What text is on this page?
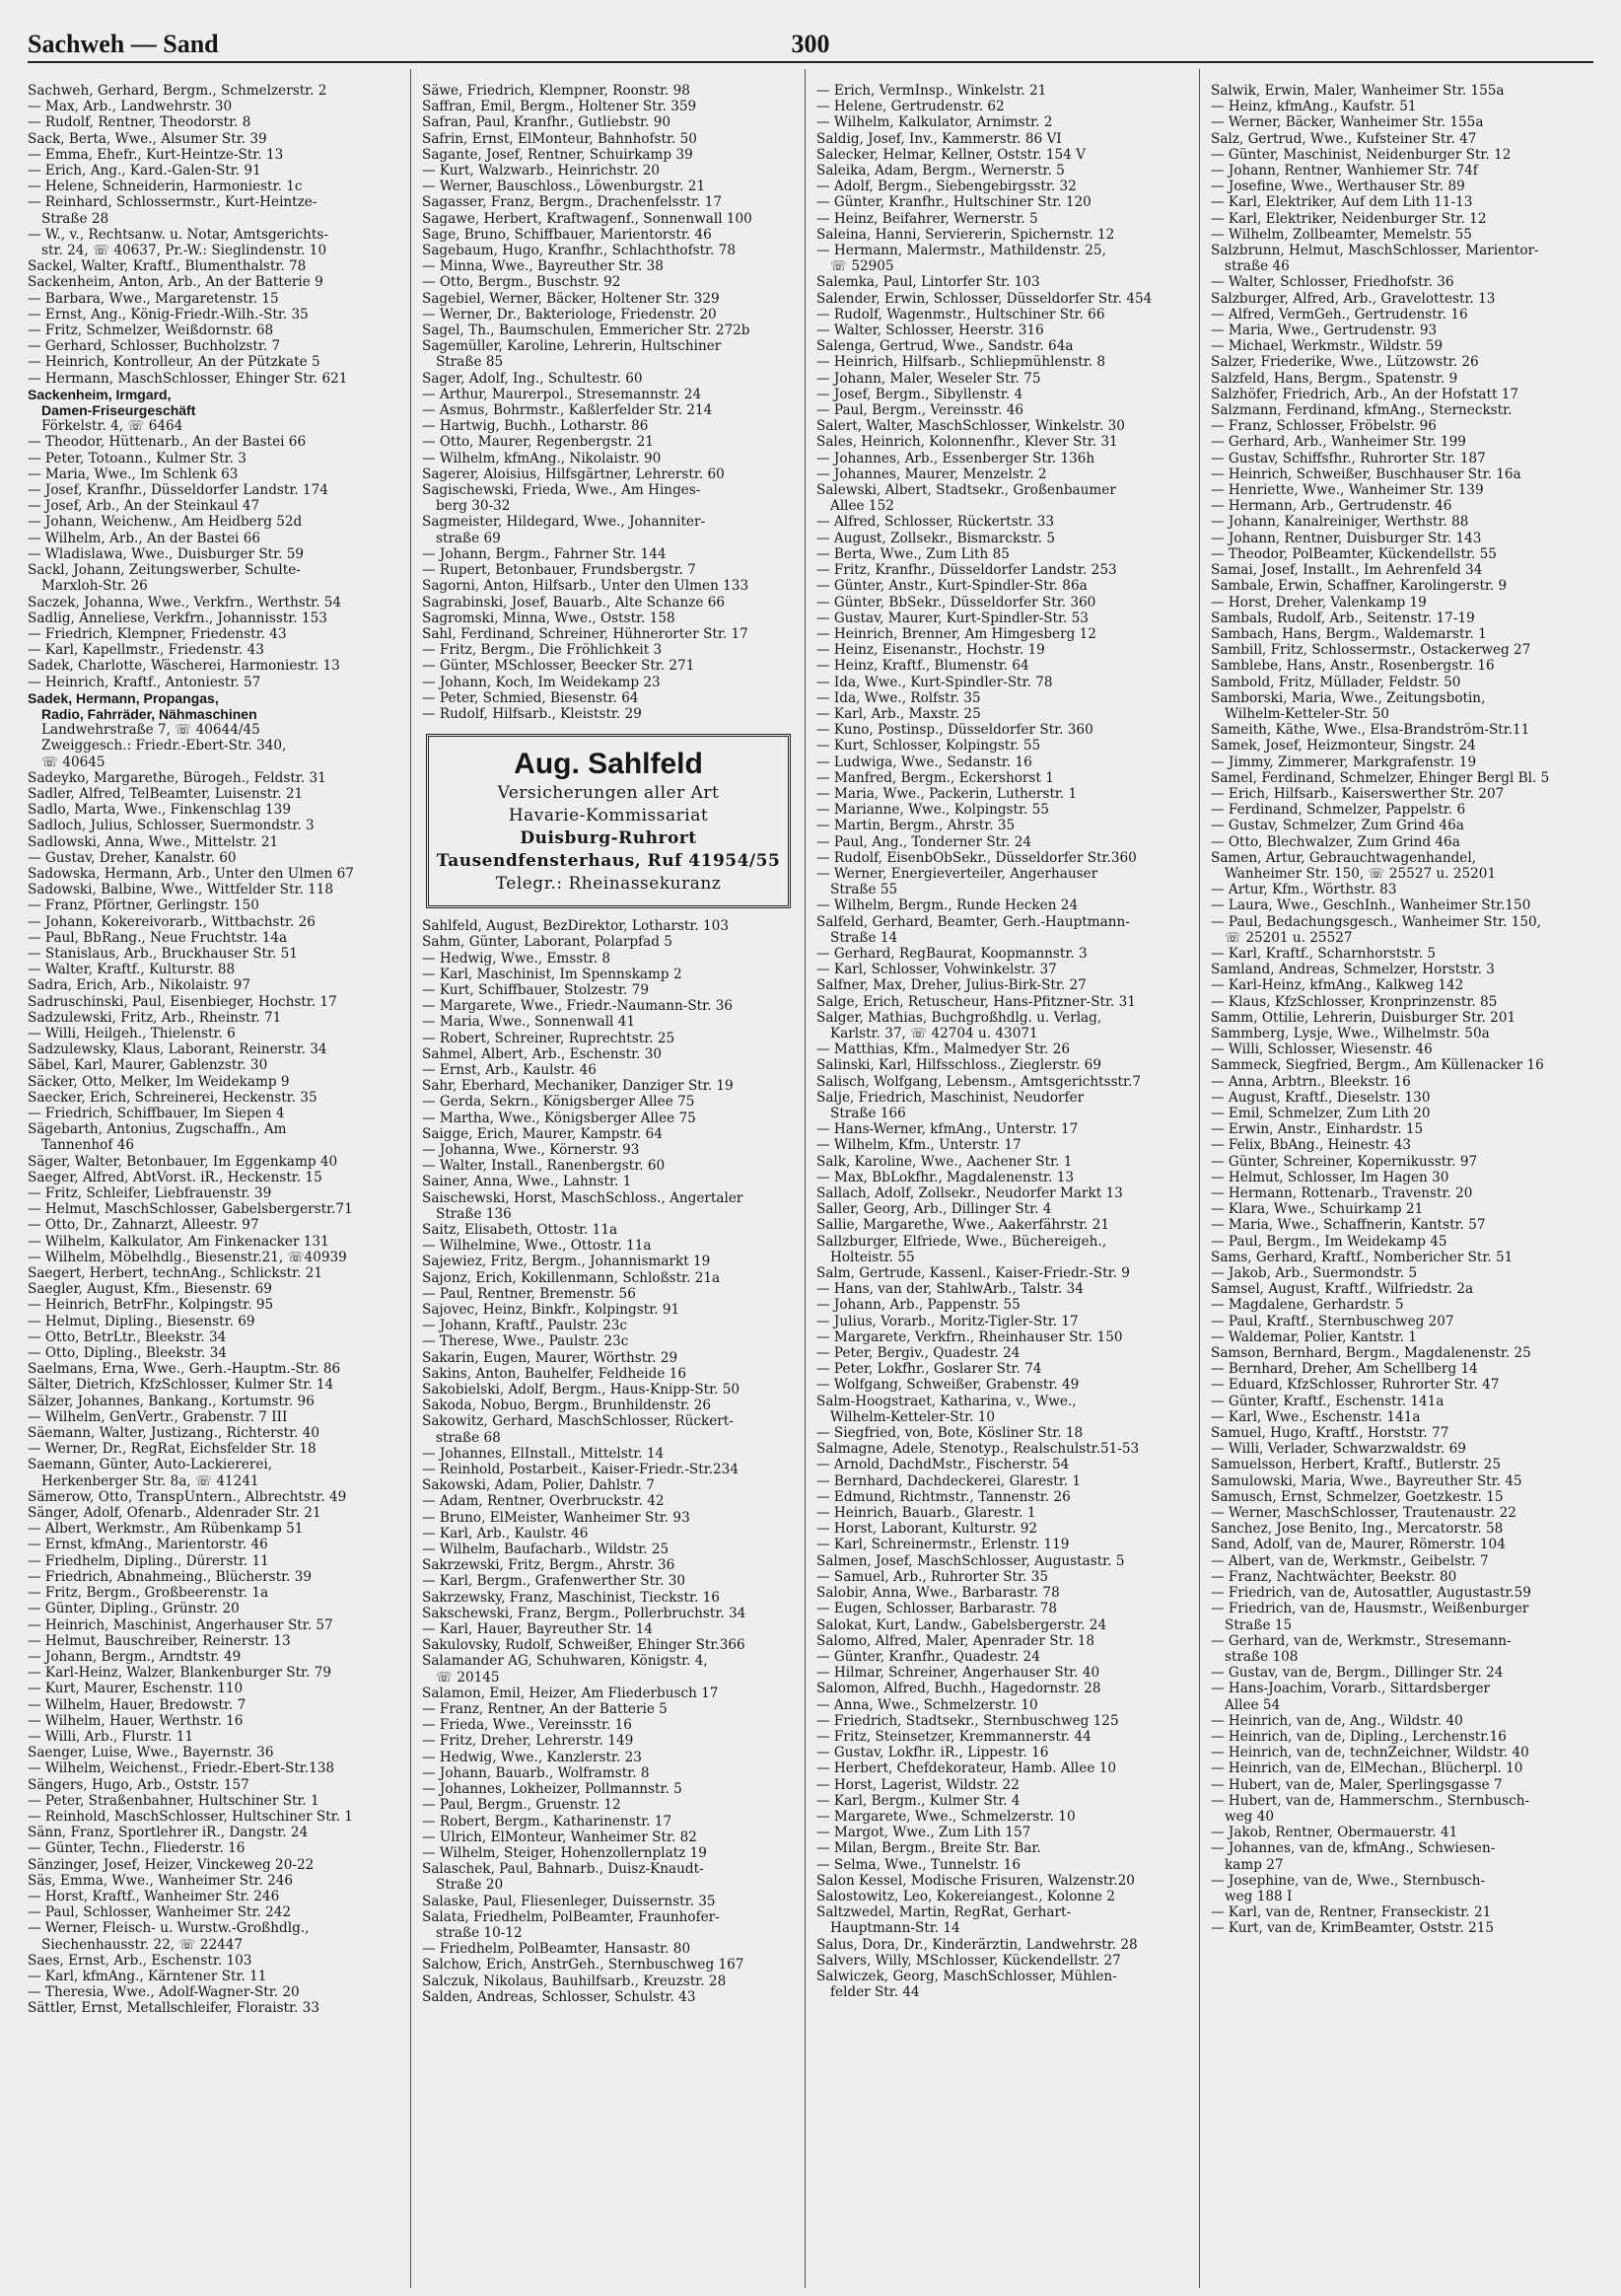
Sachweh — Sand	300
Sachweh, Gerhard, Bergm., Schmelzerstr. 2
— Max, Arb., Landwehrstr. 30
— Rudolf, Rentner, Theodorstr. 8
Sack, Berta, Wwe., Alsumer Str. 39
— Emma, Ehefr., Kurt-Heintze-Str. 13
— Erich, Ang., Kard.-Galen-Str. 91
— Helene, Schneiderin, Harmoniestr. 1c
— Reinhard, Schlossermstr., Kurt-Heintze-
Straße 28
— W., v., Rechtsanw. u. Notar, Amtsgerichts-
str. 24, ☏ 40637, Pr.-W.: Sieglindenstr. 10
Sackel, Walter, Kraftf., Blumenthalstr. 78
Sackenheim, Anton, Arb., An der Batterie 9
— Barbara, Wwe., Margaretenstr. 15
— Ernst, Ang., König-Friedr.-Wilh.-Str. 35
— Fritz, Schmelzer, Weißdornstr. 68
— Gerhard, Schlosser, Buchholzstr. 7
— Heinrich, Kontrolleur, An der Pützkate 5
— Hermann, MaschSchlosser, Ehinger Str. 621
Sackenheim, Irmgard,
Damen-Friseurgeschäft
Förkelstr. 4, ☏ 6464
— Theodor, Hüttenarb., An der Bastei 66
— Peter, Totoann., Kulmer Str. 3
— Maria, Wwe., Im Schlenk 63
— Josef, Kranfhr., Düsseldorfer Landstr. 174
— Josef, Arb., An der Steinkaul 47
— Johann, Weichenw., Am Heidberg 52d
— Wilhelm, Arb., An der Bastei 66
— Wladislawa, Wwe., Duisburger Str. 59
Sackl, Johann, Zeitungswerber, Schulte-
Marxloh-Str. 26
Saczek, Johanna, Wwe., Verkfrn., Werthstr. 54
Sadlig, Anneliese, Verkfrn., Johannisstr. 153
— Friedrich, Klempner, Friedenstr. 43
— Karl, Kapellmstr., Friedenstr. 43
Sadek, Charlotte, Wäscherei, Harmoniestr. 13
— Heinrich, Kraftf., Antoniestr. 57
Sadek, Hermann, Propangas,
Radio, Fahrräder, Nähmaschinen
Landwehrstraße 7, ☏ 40644/45
Zweiggesch.: Friedr.-Ebert-Str. 340,
☏ 40645
Sadeyko, Margarethe, Bürogeh., Feldstr. 31
Sadler, Alfred, TelBeamter, Luisenstr. 21
Sadlo, Marta, Wwe., Finkenschlag 139
Sadloch, Julius, Schlosser, Suermondstr. 3
Sadlowski, Anna, Wwe., Mittelstr. 21
— Gustav, Dreher, Kanalstr. 60
Sadowska, Hermann, Arb., Unter den Ulmen 67
Sadowski, Balbine, Wwe., Wittfelder Str. 118
— Franz, Pförtner, Gerlingstr. 150
— Johann, Kokereivorarb., Wittbachstr. 26
— Paul, BbRang., Neue Fruchtstr. 14a
— Stanislaus, Arb., Bruckhauser Str. 51
— Walter, Kraftf., Kulturstr. 88
Sadra, Erich, Arb., Nikolaistr. 97
Sadruschinski, Paul, Eisenbieger, Hochstr. 17
Sadzulewski, Fritz, Arb., Rheinstr. 71
— Willi, Heilgeh., Thielenstr. 6
Sadzulewsky, Klaus, Laborant, Reinerstr. 34
Säbel, Karl, Maurer, Gablenzstr. 30
Säcker, Otto, Melker, Im Weidekamp 9
Saecker, Erich, Schreinerei, Heckenstr. 35
— Friedrich, Schiffbauer, Im Siepen 4
Sägebarth, Antonius, Zugschaffn., Am
Tannenhof 46
Säger, Walter, Betonbauer, Im Eggenkamp 40
Saeger, Alfred, AbtVorst. iR., Heckenstr. 15
— Fritz, Schleifer, Liebfrauenstr. 39
— Helmut, MaschSchlosser, Gabelsbergerstr.71
— Otto, Dr., Zahnarzt, Alleestr. 97
— Wilhelm, Kalkulator, Am Finkenacker 131
— Wilhelm, Möbelhdlg., Biesenstr.21, ☏40939
Saegert, Herbert, technAng., Schlickstr. 21
Saegler, August, Kfm., Biesenstr. 69
— Heinrich, BetrFhr., Kolpingstr. 95
— Helmut, Dipling., Biesenstr. 69
— Otto, BetrLtr., Bleekstr. 34
— Otto, Dipling., Bleekstr. 34
Saelmans, Erna, Wwe., Gerh.-Hauptm.-Str. 86
Sälter, Dietrich, KfzSchlosser, Kulmer Str. 14
Sälzer, Johannes, Bankang., Kortumstr. 96
— Wilhelm, GenVertr., Grabenstr. 7 III
Säemann, Walter, Justizang., Richterstr. 40
— Werner, Dr., RegRat, Eichsfelder Str. 18
Saemann, Günter, Auto-Lackiererei,
Herkenberger Str. 8a, ☏ 41241
Sämerow, Otto, TranspUntern., Albrechtstr. 49
Sänger, Adolf, Ofenarb., Aldenrader Str. 21
— Albert, Werkmstr., Am Rübenkamp 51
— Ernst, kfmAng., Marientorstr. 46
— Friedhelm, Dipling., Dürerstr. 11
— Friedrich, Abnahmeing., Blücherstr. 39
— Fritz, Bergm., Großbeerenstr. 1a
— Günter, Dipling., Grünstr. 20
— Heinrich, Maschinist, Angerhauser Str. 57
— Helmut, Bauschreiber, Reinerstr. 13
— Johann, Bergm., Arndtstr. 49
— Karl-Heinz, Walzer, Blankenburger Str. 79
— Kurt, Maurer, Eschenstr. 110
— Wilhelm, Hauer, Bredowstr. 7
— Wilhelm, Hauer, Werthstr. 16
— Willi, Arb., Flurstr. 11
Saenger, Luise, Wwe., Bayernstr. 36
— Wilhelm, Weichenst., Friedr.-Ebert-Str.138
Sängers, Hugo, Arb., Oststr. 157
— Peter, Straßenbahner, Hultschiner Str. 1
— Reinhold, MaschSchlosser, Hultschiner Str. 1
Sänn, Franz, Sportlehrer iR., Dangstr. 24
— Günter, Techn., Fliederstr. 16
Sänzinger, Josef, Heizer, Vinckeweg 20-22
Säs, Emma, Wwe., Wanheimer Str. 246
— Horst, Kraftf., Wanheimer Str. 246
— Paul, Schlosser, Wanheimer Str. 242
— Werner, Fleisch- u. Wurstw.-Großhdlg.,
Siechenhausstr. 22, ☏ 22447
Saes, Ernst, Arb., Eschenstr. 103
— Karl, kfmAng., Kärntener Str. 11
— Theresia, Wwe., Adolf-Wagner-Str. 20
Sättler, Ernst, Metallschleifer, Floraistr. 33
Säwe, Friedrich, Klempner, Roonstr. 98
Saffran, Emil, Bergm., Holtener Str. 359
Safran, Paul, Kranfhr., Gutliebstr. 90
Safrin, Ernst, ElMonteur, Bahnhofstr. 50
Sagante, Josef, Rentner, Schuirkamp 39
— Kurt, Walzwarb., Heinrichstr. 20
— Werner, Bauschloss., Löwenburgstr. 21
Sagasser, Franz, Bergm., Drachenfelsstr. 17
Sagawe, Herbert, Kraftwagenf., Sonnenwall 100
Sage, Bruno, Schiffbauer, Marientorstr. 46
Sagebaum, Hugo, Kranfhr., Schlachthofstr. 78
— Minna, Wwe., Bayreuther Str. 38
— Otto, Bergm., Buschstr. 92
Sagebiel, Werner, Bäcker, Holtener Str. 329
— Werner, Dr., Bakteriologe, Friedenstr. 20
Sagel, Th., Baumschulen, Emmericher Str. 272b
Sagemüller, Karoline, Lehrerin, Hultschiner
Straße 85
Sager, Adolf, Ing., Schultestr. 60
— Arthur, Maurerpol., Stresemannstr. 24
— Asmus, Bohrmstr., Kaßlerfelder Str. 214
— Hartwig, Buchh., Lotharstr. 86
— Otto, Maurer, Regenbergstr. 21
— Wilhelm, kfmAng., Nikolaistr. 90
Sagerer, Aloisius, Hilfsgärtner, Lehrerstr. 60
Sagischewski, Frieda, Wwe., Am Hinges-
berg 30-32
Sagmeister, Hildegard, Wwe., Johanniter-
straße 69
— Johann, Bergm., Fahrner Str. 144
— Rupert, Betonbauer, Frundsbergstr. 7
Sagorni, Anton, Hilfsarb., Unter den Ulmen 133
Sagrabinski, Josef, Bauarb., Alte Schanze 66
Sagromski, Minna, Wwe., Oststr. 158
Sahl, Ferdinand, Schreiner, Hühnerorter Str. 17
— Fritz, Bergm., Die Fröhlichkeit 3
— Günter, MSchlosser, Beecker Str. 271
— Johann, Koch, Im Weidekamp 23
— Peter, Schmied, Biesenstr. 64
— Rudolf, Hilfsarb., Kleiststr. 29
Aug. Sahlfeld
Versicherungen aller Art
Havarie-Kommissariat
Duisburg-Ruhrort
Tausendfensterhaus, Ruf 41954/55
Telegr.: Rheinassekuranz
Sahlfeld, August, BezDirektor, Lotharstr. 103
Sahm, Günter, Laborant, Polarpfad 5
— Hedwig, Wwe., Emsstr. 8
— Karl, Maschinist, Im Spennskamp 2
— Kurt, Schiffbauer, Stolzestr. 79
— Margarete, Wwe., Friedr.-Naumann-Str. 36
— Maria, Wwe., Sonnenwall 41
— Robert, Schreiner, Ruprechtstr. 25
Sahmel, Albert, Arb., Eschenstr. 30
— Ernst, Arb., Kaulstr. 46
Sahr, Eberhard, Mechaniker, Danziger Str. 19
— Gerda, Sekrn., Königsberger Allee 75
— Martha, Wwe., Königsberger Allee 75
Saigge, Erich, Maurer, Kampstr. 64
— Johanna, Wwe., Körnerstr. 93
— Walter, Install., Ranenbergstr. 60
Sainer, Anna, Wwe., Lahnstr. 1
Saischewski, Horst, MaschSchloss., Angertaler
Straße 136
Saitz, Elisabeth, Ottostr. 11a
— Wilhelmine, Wwe., Ottostr. 11a
Sajewiez, Fritz, Bergm., Johannismarkt 19
Sajonz, Erich, Kokillenmann, Schloßstr. 21a
— Paul, Rentner, Bremenstr. 56
Sajovec, Heinz, Binkfr., Kolpingstr. 91
— Johann, Kraftf., Paulstr. 23c
— Therese, Wwe., Paulstr. 23c
Sakarin, Eugen, Maurer, Wörthstr. 29
Sakins, Anton, Bauhelfer, Feldheide 16
Sakobielski, Adolf, Bergm., Haus-Knipp-Str. 50
Sakoda, Nobuo, Bergm., Brunhildenstr. 26
Sakowitz, Gerhard, MaschSchlosser, Rückert-
straße 68
— Johannes, ElInstall., Mittelstr. 14
— Reinhold, Postarbeit., Kaiser-Friedr.-Str.234
Sakowski, Adam, Polier, Dahlstr. 7
— Adam, Rentner, Overbruckstr. 42
— Bruno, ElMeister, Wanheimer Str. 93
— Karl, Arb., Kaulstr. 46
— Wilhelm, Baufacharb., Wildstr. 25
Sakrzewski, Fritz, Bergm., Ahrstr. 36
— Karl, Bergm., Grafenwerther Str. 30
Sakrzewsky, Franz, Maschinist, Tieckstr. 16
Sakschewski, Franz, Bergm., Pollerbruchstr. 34
— Karl, Hauer, Bayreuther Str. 14
Sakulovsky, Rudolf, Schweißer, Ehinger Str.366
Salamander AG, Schuhwaren, Königstr. 4,
☏ 20145
Salamon, Emil, Heizer, Am Fliederbusch 17
— Franz, Rentner, An der Batterie 5
— Frieda, Wwe., Vereinsstr. 16
— Fritz, Dreher, Lehrerstr. 149
— Hedwig, Wwe., Kanzlerstr. 23
— Johann, Bauarb., Wolframstr. 8
— Johannes, Lokheizer, Pollmannstr. 5
— Paul, Bergm., Gruenstr. 12
— Robert, Bergm., Katharinenstr. 17
— Ulrich, ElMonteur, Wanheimer Str. 82
— Wilhelm, Steiger, Hohenzollernplatz 19
Salaschek, Paul, Bahnarb., Duisz-Knaudt-
Straße 20
Salaske, Paul, Fliesenleger, Duissernstr. 35
Salata, Friedhelm, PolBeamter, Fraunhofer-
straße 10-12
— Friedhelm, PolBeamter, Hansastr. 80
Salchow, Erich, AnstrGeh., Sternbuschweg 167
Salczuk, Nikolaus, Bauhilfsarb., Kreuzstr. 28
Salden, Andreas, Schlosser, Schulstr. 43
— Erich, VermInsp., Winkelstr. 21
— Helene, Gertrudenstr. 62
— Wilhelm, Kalkulator, Arnimstr. 2
Saldig, Josef, Inv., Kammerstr. 86 VI
Salecker, Helmar, Kellner, Oststr. 154 V
Saleika, Adam, Bergm., Wernerstr. 5
— Adolf, Bergm., Siebengebirgsstr. 32
— Günter, Kranfhr., Hultschiner Str. 120
— Heinz, Beifahrer, Wernerstr. 5
Saleina, Hanni, Serviererin, Spichernstr. 12
— Hermann, Malermstr., Mathildenstr. 25,
☏ 52905
Salemka, Paul, Lintorfer Str. 103
Salender, Erwin, Schlosser, Düsseldorfer Str. 454
— Rudolf, Wagenmstr., Hultschiner Str. 66
— Walter, Schlosser, Heerstr. 316
Salenga, Gertrud, Wwe., Sandstr. 64a
— Heinrich, Hilfsarb., Schliepmühlenstr. 8
— Johann, Maler, Weseler Str. 75
— Josef, Bergm., Sibyllenstr. 4
— Paul, Bergm., Vereinsstr. 46
Salert, Walter, MaschSchlosser, Winkelstr. 30
Sales, Heinrich, Kolonnenfhr., Klever Str. 31
— Johannes, Arb., Essenberger Str. 136h
— Johannes, Maurer, Menzelstr. 2
Salewski, Albert, Stadtsekr., Großenbaumer
Allee 152
— Alfred, Schlosser, Rückertstr. 33
— August, Zollsekr., Bismarckstr. 5
— Berta, Wwe., Zum Lith 85
— Fritz, Kranfhr., Düsseldorfer Landstr. 253
— Günter, Anstr., Kurt-Spindler-Str. 86a
— Günter, BbSekr., Düsseldorfer Str. 360
— Gustav, Maurer, Kurt-Spindler-Str. 53
— Heinrich, Brenner, Am Himgesberg 12
— Heinz, Eisenanstr., Hochstr. 19
— Heinz, Kraftf., Blumenstr. 64
— Ida, Wwe., Kurt-Spindler-Str. 78
— Ida, Wwe., Rolfstr. 35
— Karl, Arb., Maxstr. 25
— Kuno, Postinsp., Düsseldorfer Str. 360
— Kurt, Schlosser, Kolpingstr. 55
— Ludwiga, Wwe., Sedanstr. 16
— Manfred, Bergm., Eckershorst 1
— Maria, Wwe., Packerin, Lutherstr. 1
— Marianne, Wwe., Kolpingstr. 55
— Martin, Bergm., Ahrstr. 35
— Paul, Ang., Tonderner Str. 24
— Rudolf, EisenbObSekr., Düsseldorfer Str.360
— Werner, Energieverteiler, Angerhauser
Straße 55
— Wilhelm, Bergm., Runde Hecken 24
Salfeld, Gerhard, Beamter, Gerh.-Hauptmann-
Straße 14
— Gerhard, RegBaurat, Koopmannstr. 3
— Karl, Schlosser, Vohwinkelstr. 37
Salfner, Max, Dreher, Julius-Birk-Str. 27
Salge, Erich, Retuscheur, Hans-Pfitzner-Str. 31
Salger, Mathias, Buchgroßhdlg. u. Verlag,
Karlstr. 37, ☏ 42704 u. 43071
— Matthias, Kfm., Malmedyer Str. 26
Salinski, Karl, Hilfsschloss., Zieglerstr. 69
Salisch, Wolfgang, Lebensm., Amtsgerichtsstr.7
Salje, Friedrich, Maschinist, Neudorfer
Straße 166
— Hans-Werner, kfmAng., Unterstr. 17
— Wilhelm, Kfm., Unterstr. 17
Salk, Karoline, Wwe., Aachener Str. 1
— Max, BbLokfhr., Magdalenenstr. 13
Sallach, Adolf, Zollsekr., Neudorfer Markt 13
Saller, Georg, Arb., Dillinger Str. 4
Sallie, Margarethe, Wwe., Aakerfährstr. 21
Sallzburger, Elfriede, Wwe., Büchereigeh.,
Holteistr. 55
Salm, Gertrude, Kassenl., Kaiser-Friedr.-Str. 9
— Hans, van der, StahlwArb., Talstr. 34
— Johann, Arb., Pappenstr. 55
— Julius, Vorarb., Moritz-Tigler-Str. 17
— Margarete, Verkfrn., Rheinhauser Str. 150
— Peter, Bergiv., Quadestr. 24
— Peter, Lokfhr., Goslarer Str. 74
— Wolfgang, Schweißer, Grabenstr. 49
Salm-Hoogstraet, Katharina, v., Wwe.,
Wilhelm-Ketteler-Str. 10
— Siegfried, von, Bote, Kösliner Str. 18
Salmagne, Adele, Stenotyp., Realschulstr.51-53
— Arnold, DachdMstr., Fischerstr. 54
— Bernhard, Dachdeckerei, Glarestr. 1
— Edmund, Richtmstr., Tannenstr. 26
— Heinrich, Bauarb., Glarestr. 1
— Horst, Laborant, Kulturstr. 92
— Karl, Schreinermstr., Erlenstr. 119
Salmen, Josef, MaschSchlosser, Augustastr. 5
— Samuel, Arb., Ruhrorter Str. 35
Salobir, Anna, Wwe., Barbarastr. 78
— Eugen, Schlosser, Barbarastr. 78
Salokat, Kurt, Landw., Gabelsbergerstr. 24
Salomo, Alfred, Maler, Apenrader Str. 18
— Günter, Kranfhr., Quadestr. 24
— Hilmar, Schreiner, Angerhauser Str. 40
Salomon, Alfred, Buchh., Hagedornstr. 28
— Anna, Wwe., Schmelzerstr. 10
— Friedrich, Stadtsekr., Sternbuschweg 125
— Fritz, Steinsetzer, Kremmannerstr. 44
— Gustav, Lokfhr. iR., Lippestr. 16
— Herbert, Chefdekorateur, Hamb. Allee 10
— Horst, Lagerist, Wildstr. 22
— Karl, Bergm., Kulmer Str. 4
— Margarete, Wwe., Schmelzerstr. 10
— Margot, Wwe., Zum Lith 157
— Milan, Bergm., Breite Str. Bar.
— Selma, Wwe., Tunnelstr. 16
Salon Kessel, Modische Frisuren, Walzenstr.20
Salostowitz, Leo, Kokereiangest., Kolonne 2
Saltzwedel, Martin, RegRat, Gerhart-
Hauptmann-Str. 14
Salus, Dora, Dr., Kinderärztin, Landwehrstr. 28
Salvers, Willy, MSchlosser, Kückendellstr. 27
Salwiczek, Georg, MaschSchlosser, Mühlen-
felder Str. 44
Salwik, Erwin, Maler, Wanheimer Str. 155a
— Heinz, kfmAng., Kaufstr. 51
— Werner, Bäcker, Wanheimer Str. 155a
Salz, Gertrud, Wwe., Kufsteiner Str. 47
— Günter, Maschinist, Neidenburger Str. 12
— Johann, Rentner, Wanhiemer Str. 74f
— Josefine, Wwe., Werthauser Str. 89
— Karl, Elektriker, Auf dem Lith 11-13
— Karl, Elektriker, Neidenburger Str. 12
— Wilhelm, Zollbeamter, Memelstr. 55
Salzbrunn, Helmut, MaschSchlosser, Marientor-
straße 46
— Walter, Schlosser, Friedhofstr. 36
Salzburger, Alfred, Arb., Gravelottestr. 13
— Alfred, VermGeh., Gertrudenstr. 16
— Maria, Wwe., Gertrudenstr. 93
— Michael, Werkmstr., Wildstr. 59
Salzer, Friederike, Wwe., Lützowstr. 26
Salzfeld, Hans, Bergm., Spatenstr. 9
Salzhöfer, Friedrich, Arb., An der Hofstatt 17
Salzmann, Ferdinand, kfmAng., Sterneckstr.
— Franz, Schlosser, Fröbelstr. 96
— Gerhard, Arb., Wanheimer Str. 199
— Gustav, Schiffsfhr., Ruhrorter Str. 187
— Heinrich, Schweißer, Buschhauser Str. 16a
— Henriette, Wwe., Wanheimer Str. 139
— Hermann, Arb., Gertrudenstr. 46
— Johann, Kanalreiniger, Werthstr. 88
— Johann, Rentner, Duisburger Str. 143
— Theodor, PolBeamter, Kückendellstr. 55
Samai, Josef, Installt., Im Aehrenfeld 34
Sambale, Erwin, Schaffner, Karolingerstr. 9
— Horst, Dreher, Valenkamp 19
Sambals, Rudolf, Arb., Seitenstr. 17-19
Sambach, Hans, Bergm., Waldemarstr. 1
Sambill, Fritz, Schlossermstr., Ostackerweg 27
Samblebe, Hans, Anstr., Rosenbergstr. 16
Sambold, Fritz, Müllader, Feldstr. 50
Samborski, Maria, Wwe., Zeitungsbotin,
Wilhelm-Ketteler-Str. 50
Sameith, Käthe, Wwe., Elsa-Brandström-Str.11
Samek, Josef, Heizmonteur, Singstr. 24
— Jimmy, Zimmerer, Markgrafenstr. 19
Samel, Ferdinand, Schmelzer, Ehinger Bergl Bl. 5
— Erich, Hilfsarb., Kaiserswerther Str. 207
— Ferdinand, Schmelzer, Pappelstr. 6
— Gustav, Schmelzer, Zum Grind 46a
— Otto, Blechwalzer, Zum Grind 46a
Samen, Artur, Gebrauchtwagenhandel,
Wanheimer Str. 150, ☏ 25527 u. 25201
— Artur, Kfm., Wörthstr. 83
— Laura, Wwe., GeschInh., Wanheimer Str.150
— Paul, Bedachungsgesch., Wanheimer Str. 150,
☏ 25201 u. 25527
— Karl, Kraftf., Scharnhorststr. 5
Samland, Andreas, Schmelzer, Horststr. 3
— Karl-Heinz, kfmAng., Kalkweg 142
— Klaus, KfzSchlosser, Kronprinzenstr. 85
Samm, Ottilie, Lehrerin, Duisburger Str. 201
Sammberg, Lysje, Wwe., Wilhelmstr. 50a
— Willi, Schlosser, Wiesenstr. 46
Sammeck, Siegfried, Bergm., Am Küllenacker 16
— Anna, Arbtrn., Bleekstr. 16
— August, Kraftf., Dieselstr. 130
— Emil, Schmelzer, Zum Lith 20
— Erwin, Anstr., Einhardstr. 15
— Felix, BbAng., Heinestr. 43
— Günter, Schreiner, Kopernikusstr. 97
— Helmut, Schlosser, Im Hagen 30
— Hermann, Rottenarb., Travenstr. 20
— Klara, Wwe., Schuirkamp 21
— Maria, Wwe., Schaffnerin, Kantstr. 57
— Paul, Bergm., Im Weidekamp 45
Sams, Gerhard, Kraftf., Nombericher Str. 51
— Jakob, Arb., Suermondstr. 5
Samsel, August, Kraftf., Wilfriedstr. 2a
— Magdalene, Gerhardstr. 5
— Paul, Kraftf., Sternbuschweg 207
— Waldemar, Polier, Kantstr. 1
Samson, Bernhard, Bergm., Magdalenenstr. 25
— Bernhard, Dreher, Am Schellberg 14
— Eduard, KfzSchlosser, Ruhrorter Str. 47
— Günter, Kraftf., Eschenstr. 141a
— Karl, Wwe., Eschenstr. 141a
Samuel, Hugo, Kraftf., Horststr. 77
— Willi, Verlader, Schwarzwaldstr. 69
Samuelsson, Herbert, Kraftf., Butlerstr. 25
Samulowski, Maria, Wwe., Bayreuther Str. 45
Samusch, Ernst, Schmelzer, Goetzkestr. 15
— Werner, MaschSchlosser, Trautenaustr. 22
Sanchez, Jose Benito, Ing., Mercatorstr. 58
Sand, Adolf, van de, Maurer, Römerstr. 104
— Albert, van de, Werkmstr., Geibelstr. 7
— Franz, Nachtwächter, Beekstr. 80
— Friedrich, van de, Autosattler, Augustastr.59
— Friedrich, van de, Hausmstr., Weißenburger
Straße 15
— Gerhard, van de, Werkmstr., Stresemann-
straße 108
— Gustav, van de, Bergm., Dillinger Str. 24
— Hans-Joachim, Vorarb., Sittardsberger
Allee 54
— Heinrich, van de, Ang., Wildstr. 40
— Heinrich, van de, Dipling., Lerchenstr.16
— Heinrich, van de, technZeichner, Wildstr. 40
— Heinrich, van de, ElMechan., Blücherpl. 10
— Hubert, van de, Maler, Sperlingsgasse 7
— Hubert, van de, Hammerschm., Sternbusch-
weg 40
— Jakob, Rentner, Obermauerstr. 41
— Johannes, van de, kfmAng., Schwiesen-
kamp 27
— Josephine, van de, Wwe., Sternbusch-
weg 188 I
— Karl, van de, Rentner, Franseckistr. 21
— Kurt, van de, KrimBeamter, Oststr. 215
